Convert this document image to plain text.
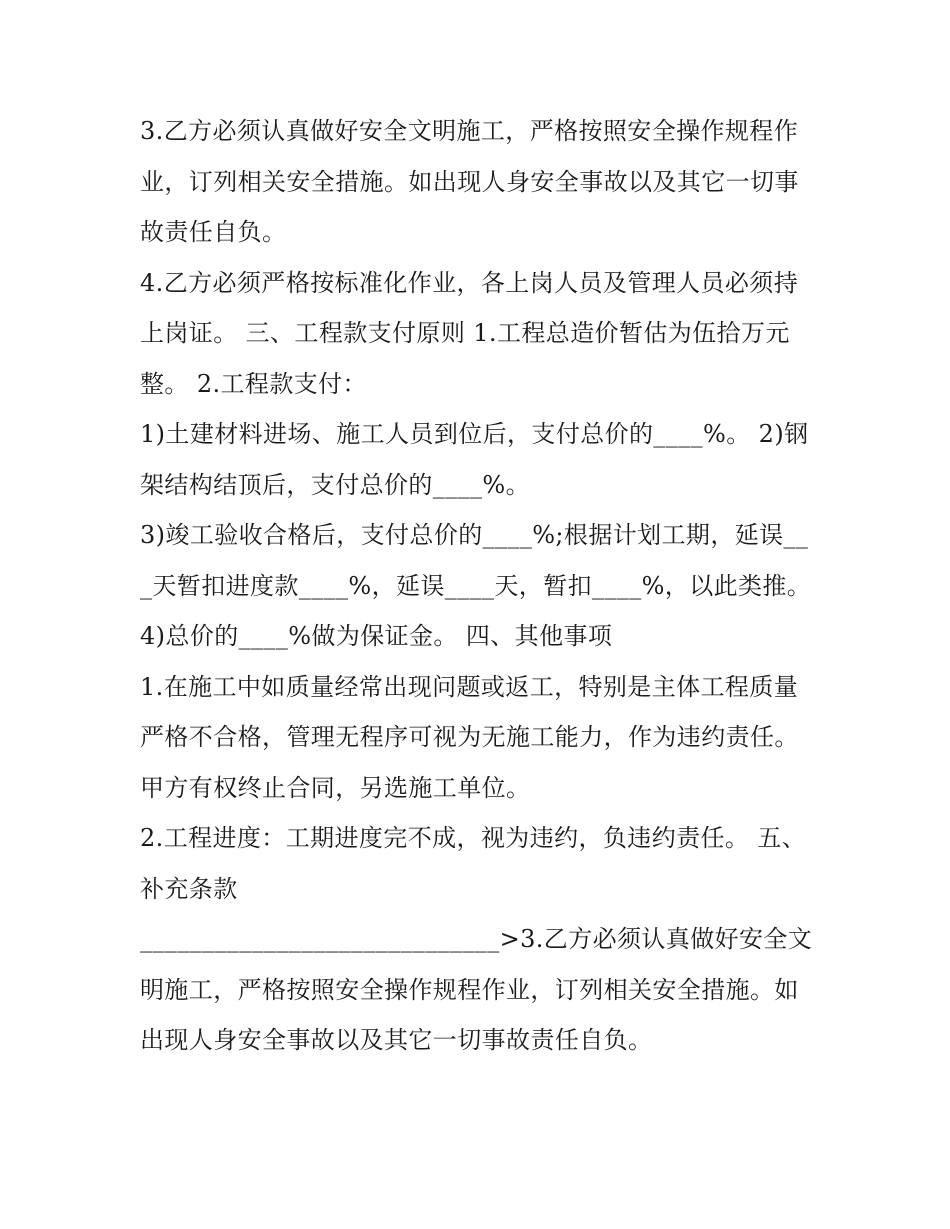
3.乙方必须认真做好安全文明施工，严格按照安全操作规程作业，订列相关安全措施。如出现人身安全事故以及其它一切事故责任自负。

4.乙方必须严格按标准化作业，各上岗人员及管理人员必须持上岗证。 三、工程款支付原则 1.工程总造价暂估为伍拾万元整。 2.工程款支付：

1)土建材料进场、施工人员到位后，支付总价的____%。 2)钢架结构结顶后，支付总价的____%。

3)竣工验收合格后，支付总价的____%;根据计划工期，延误___天暂扣进度款____%，延误____天，暂扣____%，以此类推。

4)总价的____%做为保证金。 四、其他事项

1.在施工中如质量经常出现问题或返工，特别是主体工程质量严格不合格，管理无程序可视为无施工能力，作为违约责任。甲方有权终止合同，另选施工单位。

2.工程进度：工期进度完不成，视为违约，负违约责任。 五、补充条款

_____________________________>3.乙方必须认真做好安全文明施工，严格按照安全操作规程作业，订列相关安全措施。如出现人身安全事故以及其它一切事故责任自负。
